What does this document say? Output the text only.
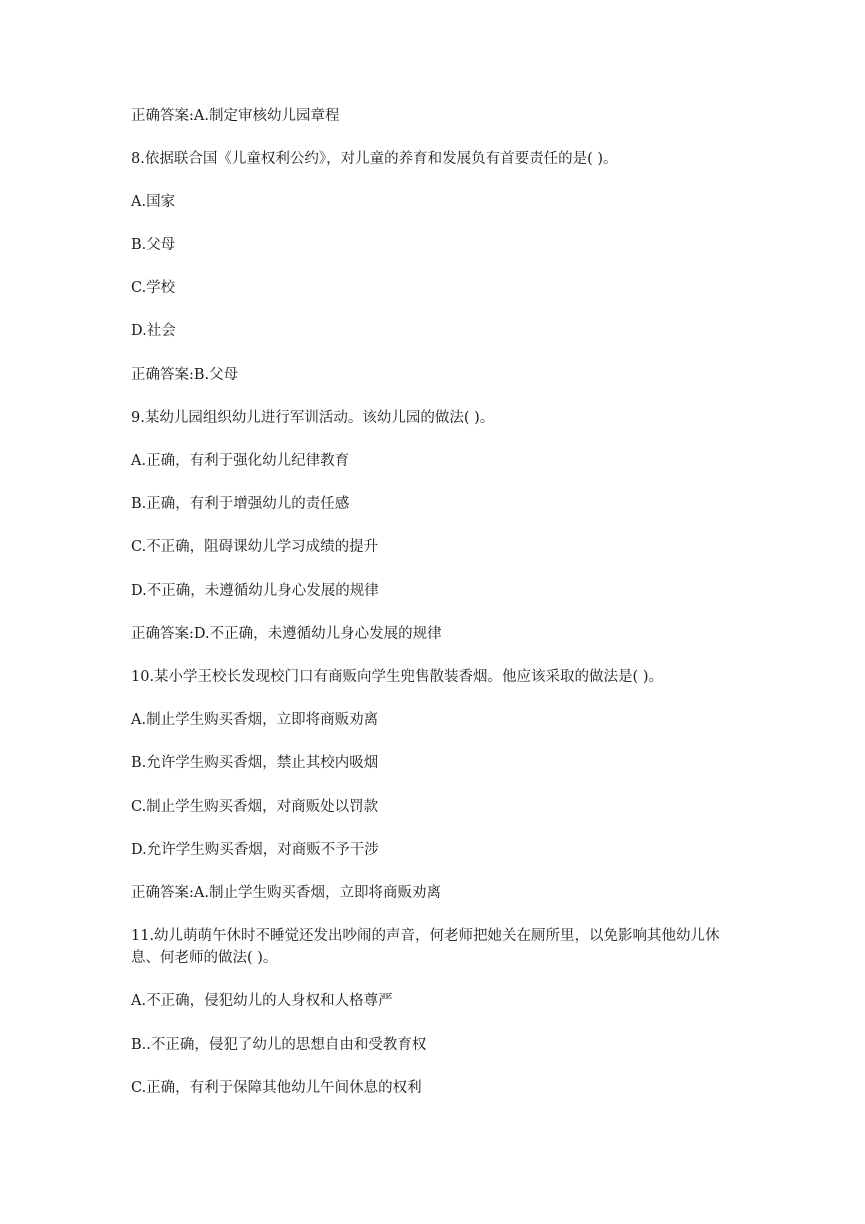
正确答案:A.制定审核幼儿园章程
8.依据联合国《儿童权利公约》，对儿童的养育和发展负有首要责任的是( )。
A.国家
B.父母
C.学校
D.社会
正确答案:B.父母
9.某幼儿园组织幼儿进行军训活动。该幼儿园的做法( )。
A.正确，有利于强化幼儿纪律教育
B.正确，有利于增强幼儿的责任感
C.不正确，阻碍课幼儿学习成绩的提升
D.不正确，未遵循幼儿身心发展的规律
正确答案:D.不正确，未遵循幼儿身心发展的规律
10.某小学王校长发现校门口有商贩向学生兜售散装香烟。他应该采取的做法是( )。
A.制止学生购买香烟，立即将商贩劝离
B.允许学生购买香烟，禁止其校内吸烟
C.制止学生购买香烟，对商贩处以罚款
D.允许学生购买香烟，对商贩不予干涉
正确答案:A.制止学生购买香烟，立即将商贩劝离
11.幼儿萌萌午休时不睡觉还发出吵闹的声音，何老师把她关在厕所里，以免影响其他幼儿休息、何老师的做法( )。
A.不正确，侵犯幼儿的人身权和人格尊严
B..不正确，侵犯了幼儿的思想自由和受教育权
C.正确，有利于保障其他幼儿午间休息的权利
